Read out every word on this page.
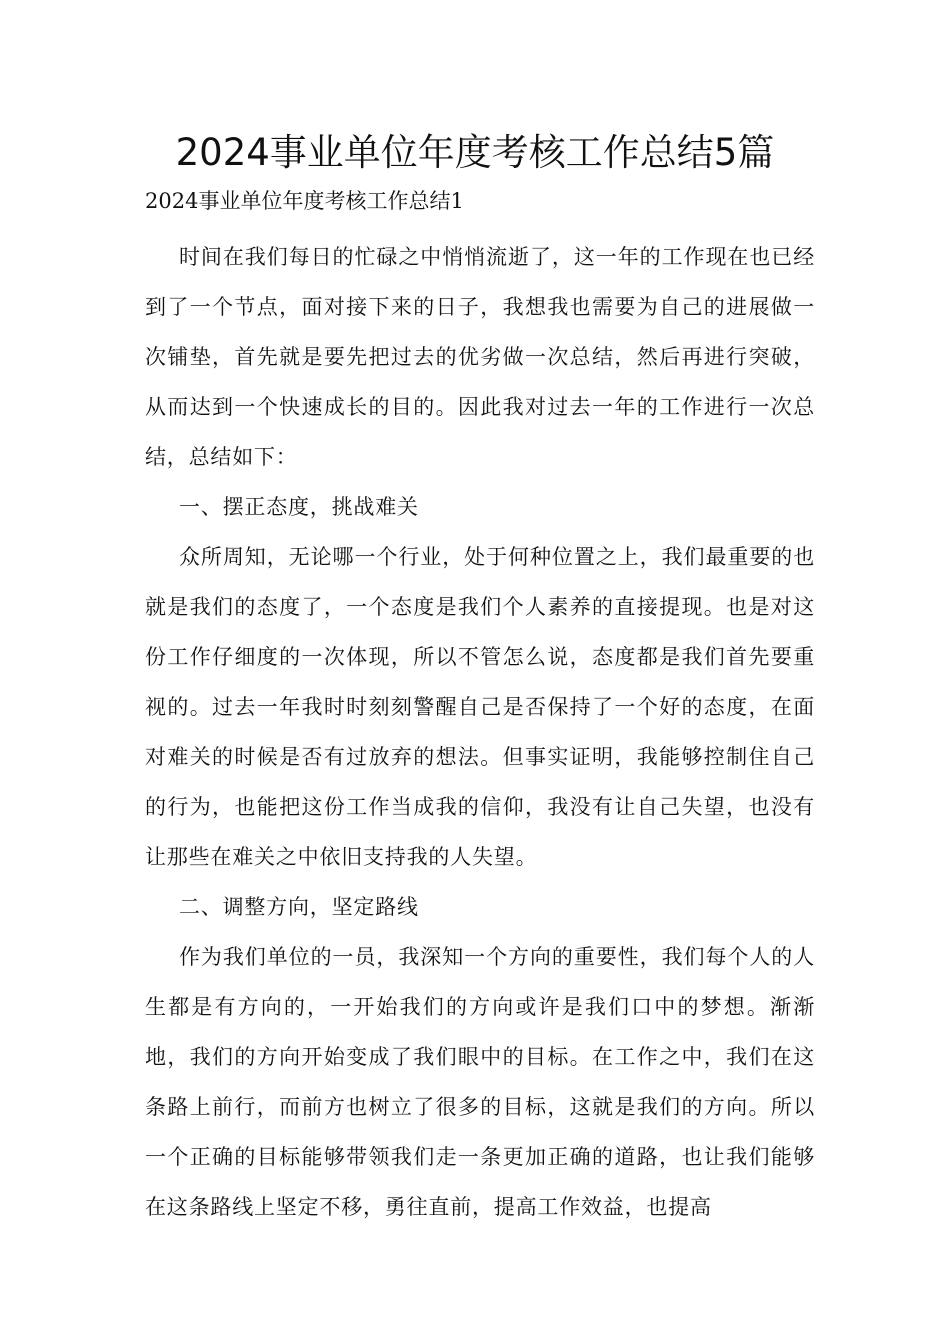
2024事业单位年度考核工作总结5篇

2024事业单位年度考核工作总结1

时间在我们每日的忙碌之中悄悄流逝了，这一年的工作现在也已经到了一个节点，面对接下来的日子，我想我也需要为自己的进展做一次铺垫，首先就是要先把过去的优劣做一次总结，然后再进行突破，从而达到一个快速成长的目的。因此我对过去一年的工作进行一次总结，总结如下：

一、摆正态度，挑战难关

众所周知，无论哪一个行业，处于何种位置之上，我们最重要的也就是我们的态度了，一个态度是我们个人素养的直接提现。也是对这份工作仔细度的一次体现，所以不管怎么说，态度都是我们首先要重视的。过去一年我时时刻刻警醒自己是否保持了一个好的态度，在面对难关的时候是否有过放弃的想法。但事实证明，我能够控制住自己的行为，也能把这份工作当成我的信仰，我没有让自己失望，也没有让那些在难关之中依旧支持我的人失望。

二、调整方向，坚定路线

作为我们单位的一员，我深知一个方向的重要性，我们每个人的人生都是有方向的，一开始我们的方向或许是我们口中的梦想。渐渐地，我们的方向开始变成了我们眼中的目标。在工作之中，我们在这条路上前行，而前方也树立了很多的目标，这就是我们的方向。所以一个正确的目标能够带领我们走一条更加正确的道路，也让我们能够在这条路线上坚定不移，勇往直前，提高工作效益，也提高
